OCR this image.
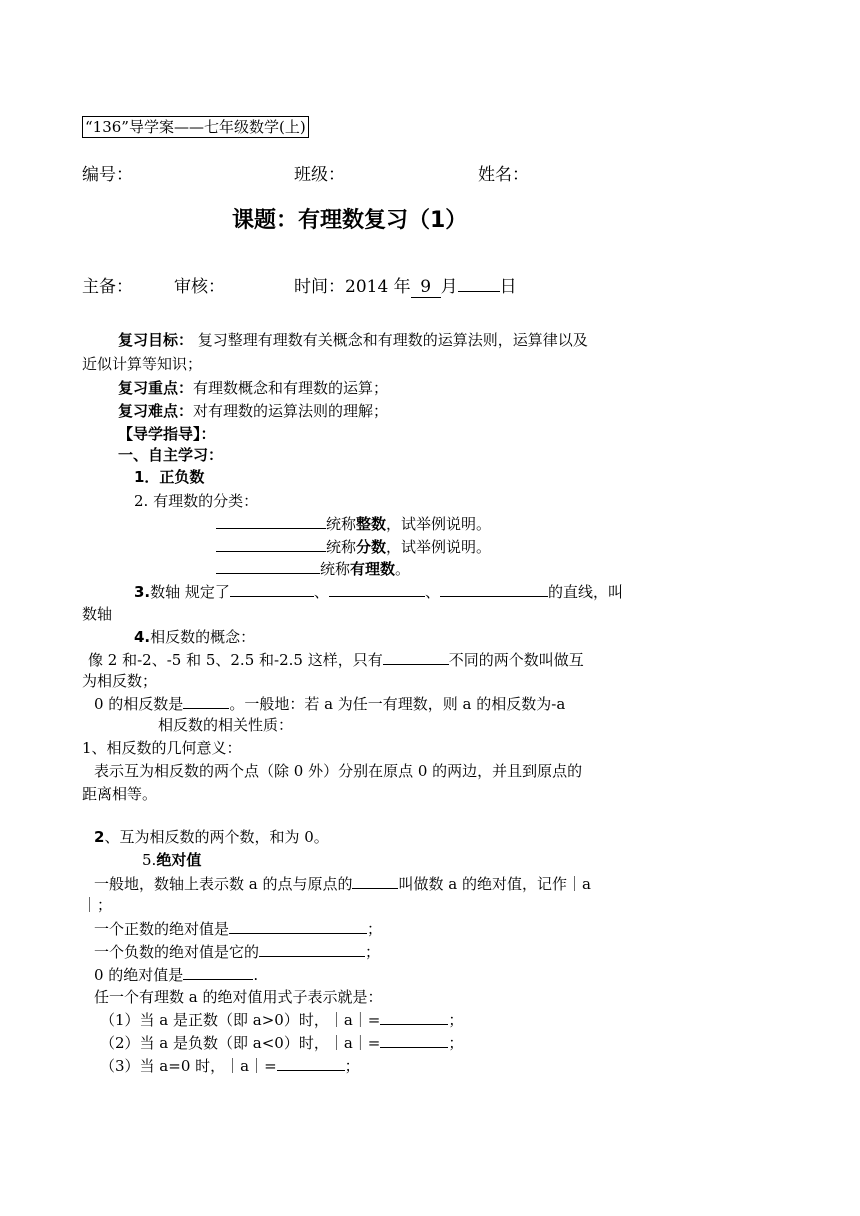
“136”导学案——七年级数学(上)
编号：	班级：	姓名：
课题：有理数复习（1）
主备： 审核：	时间：2014 年 9 月 日
复习目标： 复习整理有理数有关概念和有理数的运算法则，运算律以及
近似计算等知识；
复习重点：有理数概念和有理数的运算；
复习难点：对有理数的运算法则的理解；
【导学指导】：
一、自主学习：
1．正负数
2. 有理数的分类：
统称整数，试举例说明。
统称分数，试举例说明。
统称有理数。
3.数轴 规定了	、	、	的直线，叫
数轴
4.相反数的概念：
像 2 和-2、-5 和 5、2.5 和-2.5 这样，只有	不同的两个数叫做互
为相反数；
0 的相反数是	。一般地：若 a 为任一有理数，则 a 的相反数为-a
相反数的相关性质：
1、相反数的几何意义：
表示互为相反数的两个点（除 0 外）分别在原点 0 的两边，并且到原点的
距离相等。
2、互为相反数的两个数，和为 0。
5.绝对值
一般地，数轴上表示数 a 的点与原点的	叫做数 a 的绝对值，记作｜a
｜；
一个正数的绝对值是	；
一个负数的绝对值是它的	；
0 的绝对值是	.
任一个有理数 a 的绝对值用式子表示就是：
（1）当 a 是正数（即 a>0）时，｜a｜=	；
（2）当 a 是负数（即 a<0）时，｜a｜=	；
（3）当 a=0 时，｜a｜=	；
